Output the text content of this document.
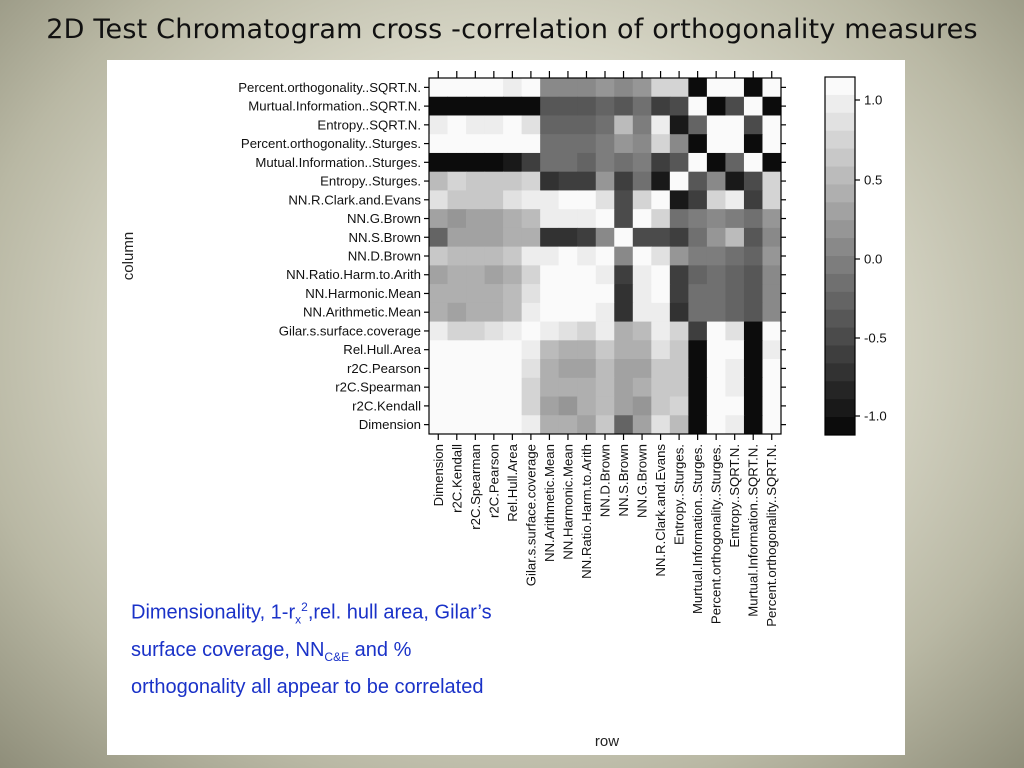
2D Test Chromatogram cross -correlation of orthogonality measures
Percent.orthogonality..SQRT.N.
Murtual.Information..SQRT.N.
Entropy..SQRT.N.
Percent.orthogonality..Sturges.
Mutual.Information..Sturges.
Entropy..Sturges.
NN.R.Clark.and.Evans
NN.G.Brown
NN.S.Brown
NN.D.Brown
NN.Ratio.Harm.to.Arith
NN.Harmonic.Mean
NN.Arithmetic.Mean
Gilar.s.surface.coverage
Rel.Hull.Area
r2C.Pearson
r2C.Spearman
r2C.Kendall
Dimension
Dimension r2C.Kendall r2C.Spearman r2C.Pearson Rel.Hull.Area Gilar.s.surface.coverage NN.Arithmetic.Mean NN.Harmonic.Mean NN.Ratio.Harm.to.Arith NN.D.Brown NN.S.Brown NN.G.Brown NN.R.Clark.and.Evans Entropy..Sturges. Murtual.Information..Sturges. Percent.orthogonality..Sturges. Entropy..SQRT.N. Murtual.Information..SQRT.N. Percent.orthogonality..SQRT.N.
1.0
0.5
0.0
-0.5
-1.0
column
row
Dimensionality, $1-r_x^2,rel$. hull area, Gilar’s surface coverage, $NN_{C\&E}$ and % orthogonality all appear to be correlated
